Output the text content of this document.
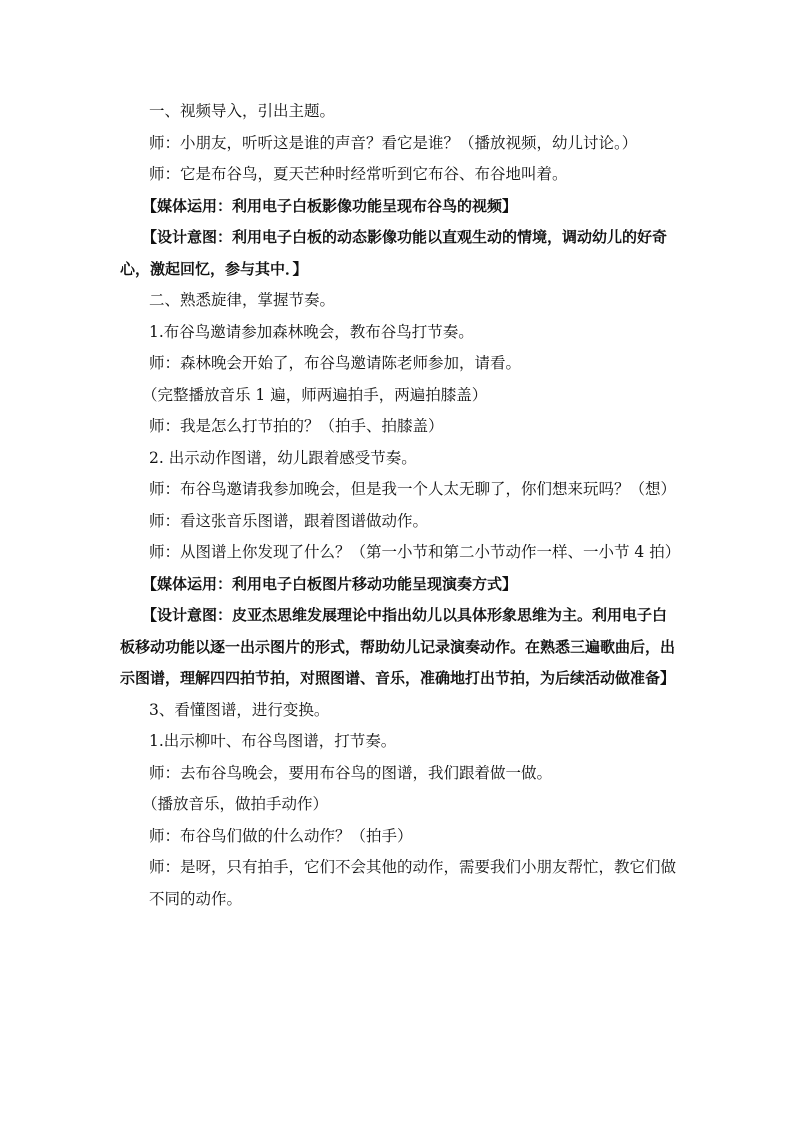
一、视频导入，引出主题。

师：小朋友，听听这是谁的声音？看它是谁？（播放视频，幼儿讨论。）

师：它是布谷鸟，夏天芒种时经常听到它布谷、布谷地叫着。

【媒体运用：利用电子白板影像功能呈现布谷鸟的视频】

【设计意图：利用电子白板的动态影像功能以直观生动的情境，调动幼儿的好奇心，激起回忆，参与其中．】

二、熟悉旋律，掌握节奏。

1.布谷鸟邀请参加森林晚会，教布谷鸟打节奏。

师：森林晚会开始了，布谷鸟邀请陈老师参加，请看。

（完整播放音乐 1 遍，师两遍拍手，两遍拍膝盖）

师：我是怎么打节拍的？（拍手、拍膝盖）

2. 出示动作图谱，幼儿跟着感受节奏。

师：布谷鸟邀请我参加晚会，但是我一个人太无聊了，你们想来玩吗？（想）

师：看这张音乐图谱，跟着图谱做动作。

师：从图谱上你发现了什么？（第一小节和第二小节动作一样、一小节 4 拍）

【媒体运用：利用电子白板图片移动功能呈现演奏方式】

【设计意图：皮亚杰思维发展理论中指出幼儿以具体形象思维为主。利用电子白板移动功能以逐一出示图片的形式，帮助幼儿记录演奏动作。在熟悉三遍歌曲后，出示图谱，理解四四拍节拍，对照图谱、音乐，准确地打出节拍，为后续活动做准备】

3、看懂图谱，进行变换。

1.出示柳叶、布谷鸟图谱，打节奏。

师：去布谷鸟晚会，要用布谷鸟的图谱，我们跟着做一做。

（播放音乐，做拍手动作）

师：布谷鸟们做的什么动作？（拍手）

师：是呀，只有拍手，它们不会其他的动作，需要我们小朋友帮忙，教它们做不同的动作。
